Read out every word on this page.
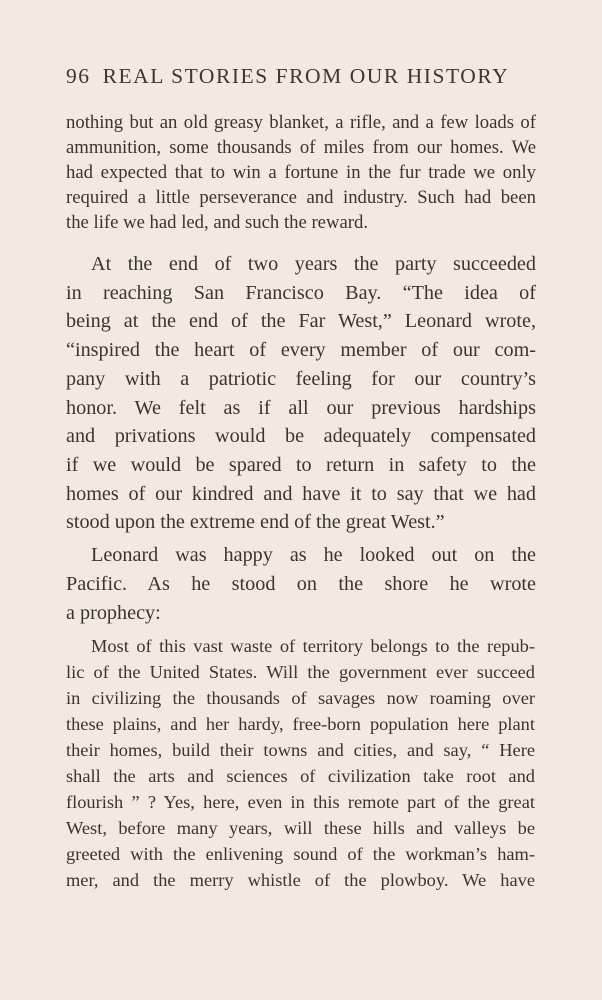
96 REAL STORIES FROM OUR HISTORY
nothing but an old greasy blanket, a rifle, and a few loads of
ammunition, some thousands of miles from our homes. We
had expected that to win a fortune in the fur trade we only
required a little perseverance and industry. Such had been
the life we had led, and such the reward.
At the end of two years the party succeeded
in reaching San Francisco Bay. “The idea of
being at the end of the Far West,” Leonard wrote,
“inspired the heart of every member of our com-
pany with a patriotic feeling for our country’s
honor. We felt as if all our previous hardships
and privations would be adequately compensated
if we would be spared to return in safety to the
homes of our kindred and have it to say that we had
stood upon the extreme end of the great West.”
Leonard was happy as he looked out on the
Pacific. As he stood on the shore he wrote
a prophecy:
Most of this vast waste of territory belongs to the repub-
lic of the United States. Will the government ever succeed
in civilizing the thousands of savages now roaming over
these plains, and her hardy, free-born population here plant
their homes, build their towns and cities, and say, “ Here
shall the arts and sciences of civilization take root and
flourish ” ? Yes, here, even in this remote part of the great
West, before many years, will these hills and valleys be
greeted with the enlivening sound of the workman’s ham-
mer, and the merry whistle of the plowboy. We have
